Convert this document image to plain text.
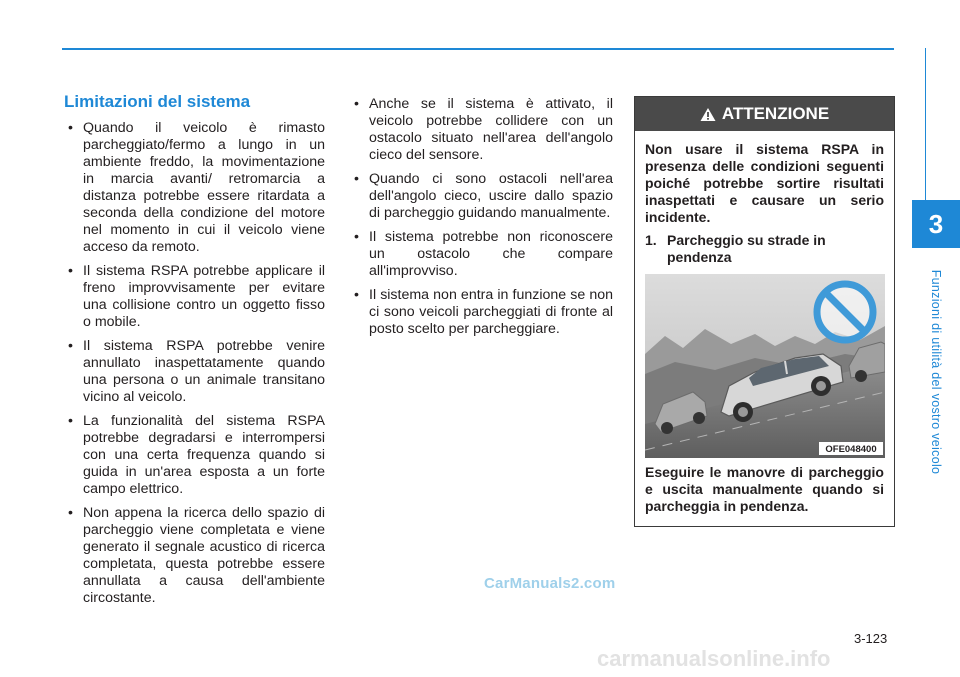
3
Funzioni di utilità del vostro veicolo
Limitazioni del sistema
• Quando il veicolo è rimasto parcheggiato/fermo a lungo in un ambiente freddo, la movimentazione in marcia avanti/ retromarcia a distanza potrebbe essere ritardata a seconda della condizione del motore nel momento in cui il veicolo viene acceso da remoto.
• Il sistema RSPA potrebbe applicare il freno improvvisamente per evitare una collisione contro un oggetto fisso o mobile.
• Il sistema RSPA potrebbe venire annullato inaspettatamente quando una persona o un animale transitano vicino al veicolo.
• La funzionalità del sistema RSPA potrebbe degradarsi e interrompersi con una certa frequenza quando si guida in un'area esposta a un forte campo elettrico.
• Non appena la ricerca dello spazio di parcheggio viene completata e viene generato il segnale acustico di ricerca completata, questa potrebbe essere annullata a causa dell'ambiente circostante.
• Anche se il sistema è attivato, il veicolo potrebbe collidere con un ostacolo situato nell'area dell'angolo cieco del sensore.
• Quando ci sono ostacoli nell'area dell'angolo cieco, uscire dallo spazio di parcheggio guidando manualmente.
• Il sistema potrebbe non riconoscere un ostacolo che compare all'improvviso.
• Il sistema non entra in funzione se non ci sono veicoli parcheggiati di fronte al posto scelto per parcheggiare.
ATTENZIONE

Non usare il sistema RSPA in presenza delle condizioni seguenti poiché potrebbe sortire risultati inaspettati e causare un serio incidente.

1. Parcheggio su strade in pendenza
OFE048400

Eseguire le manovre di parcheggio e uscita manualmente quando si parcheggia in pendenza.

CarManuals2.com
3-123
carmanualsonline.info
